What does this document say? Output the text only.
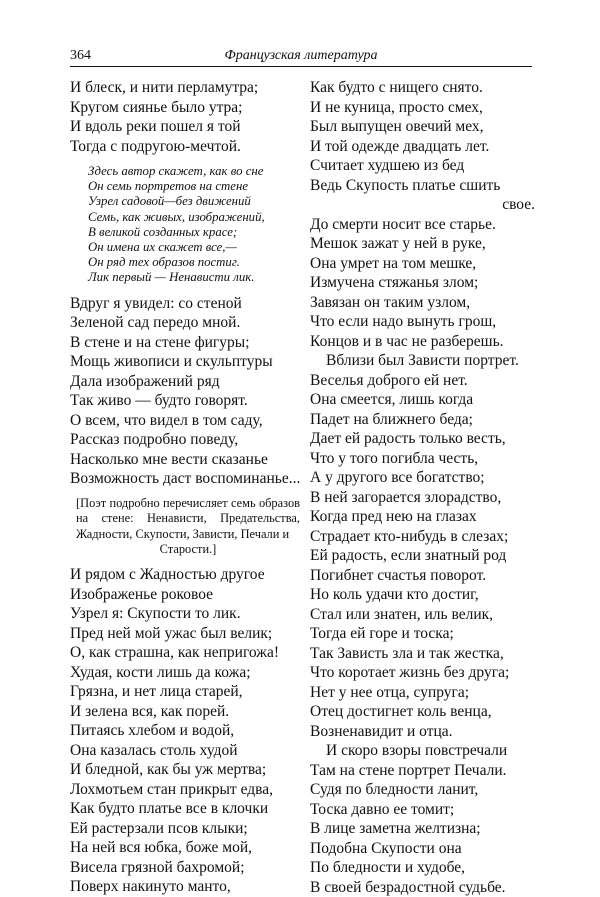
364	Французская литература
И блеск, и нити перламутра;
Кругом сиянье было утра;
И вдоль реки пошел я той
Тогда с подругою-мечтой.
Здесь автор скажет, как во сне
Он семь портретов на стене
Узрел садовой—без движений
Семь, как живых, изображений,
В великой созданных красе;
Он имена их скажет все,—
Он ряд тех образов постиг.
Лик первый — Ненависти лик.
Вдруг я увидел: со стеной
Зеленой сад передо мной.
В стене и на стене фигуры;
Мощь живописи и скульптуры
Дала изображений ряд
Так живо — будто говорят.
О всем, что видел в том саду,
Рассказ подробно поведу,
Насколько мне вести сказанье
Возможность даст воспоминанье...
[Поэт подробно перечисляет семь образов на стене: Ненависти, Предательства, Жадности, Скупости, Зависти, Печали и
Старости.]
И рядом с Жадностью другое
Изображенье роковое
Узрел я: Скупости то лик.
Пред ней мой ужас был велик;
О, как страшна, как непригожа!
Худая, кости лишь да кожа;
Грязна, и нет лица старей,
И зелена вся, как порей.
Питаясь хлебом и водой,
Она казалась столь худой
И бледной, как бы уж мертва;
Лохмотьем стан прикрыт едва,
Как будто платье все в клочки
Ей растерзали псов клыки;
На ней вся юбка, боже мой,
Висела грязной бахромой;
Поверх накинуто манто,
Как будто с нищего снято.
И не куница, просто смех,
Был выпущен овечий мех,
И той одежде двадцать лет.
Считает худшею из бед
Ведь Скупость платье сшить
свое.
До смерти носит все старье.
Мешок зажат у ней в руке,
Она умрет на том мешке,
Измучена стяжанья злом;
Завязан он таким узлом,
Что если надо вынуть грош,
Концов и в час не разберешь.
Вблизи был Зависти портрет.
Веселья доброго ей нет.
Она смеется, лишь когда
Падет на ближнего беда;
Дает ей радость только весть,
Что у того погибла честь,
А у другого все богатство;
В ней загорается злорадство,
Когда пред нею на глазах
Страдает кто-нибудь в слезах;
Ей радость, если знатный род
Погибнет счастья поворот.
Но коль удачи кто достиг,
Стал или знатен, иль велик,
Тогда ей горе и тоска;
Так Зависть зла и так жестка,
Что коротает жизнь без друга;
Нет у нее отца, супруга;
Отец достигнет коль венца,
Возненавидит и отца.
И скоро взоры повстречали
Там на стене портрет Печали.
Судя по бледности ланит,
Тоска давно ее томит;
В лице заметна желтизна;
Подобна Скупости она
По бледности и худобе,
В своей безрадостной судьбе.
